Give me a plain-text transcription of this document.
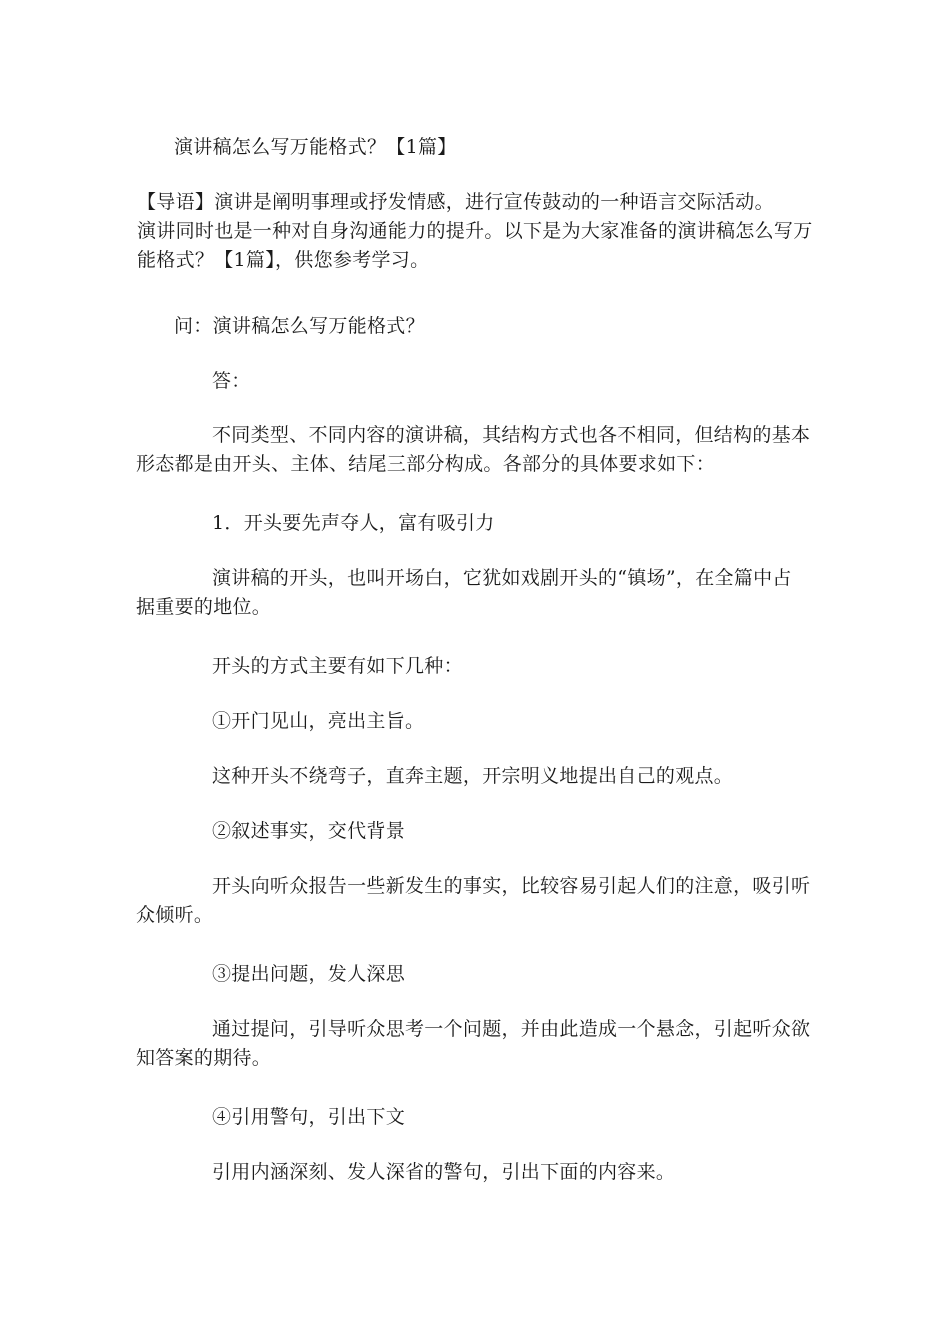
演讲稿怎么写万能格式？【1篇】
【导语】演讲是阐明事理或抒发情感，进行宣传鼓动的一种语言交际活动。
演讲同时也是一种对自身沟通能力的提升。以下是为大家准备的演讲稿怎么写万
能格式？【1篇】，供您参考学习。
问：演讲稿怎么写万能格式？
答：
不同类型、不同内容的演讲稿，其结构方式也各不相同，但结构的基本
形态都是由开头、主体、结尾三部分构成。各部分的具体要求如下：
1．开头要先声夺人，富有吸引力
演讲稿的开头，也叫开场白，它犹如戏剧开头的“镇场”，在全篇中占
据重要的地位。
开头的方式主要有如下几种：
①开门见山，亮出主旨。
这种开头不绕弯子，直奔主题，开宗明义地提出自己的观点。
②叙述事实，交代背景
开头向听众报告一些新发生的事实，比较容易引起人们的注意，吸引听
众倾听。
③提出问题，发人深思
通过提问，引导听众思考一个问题，并由此造成一个悬念，引起听众欲
知答案的期待。
④引用警句，引出下文
引用内涵深刻、发人深省的警句，引出下面的内容来。
